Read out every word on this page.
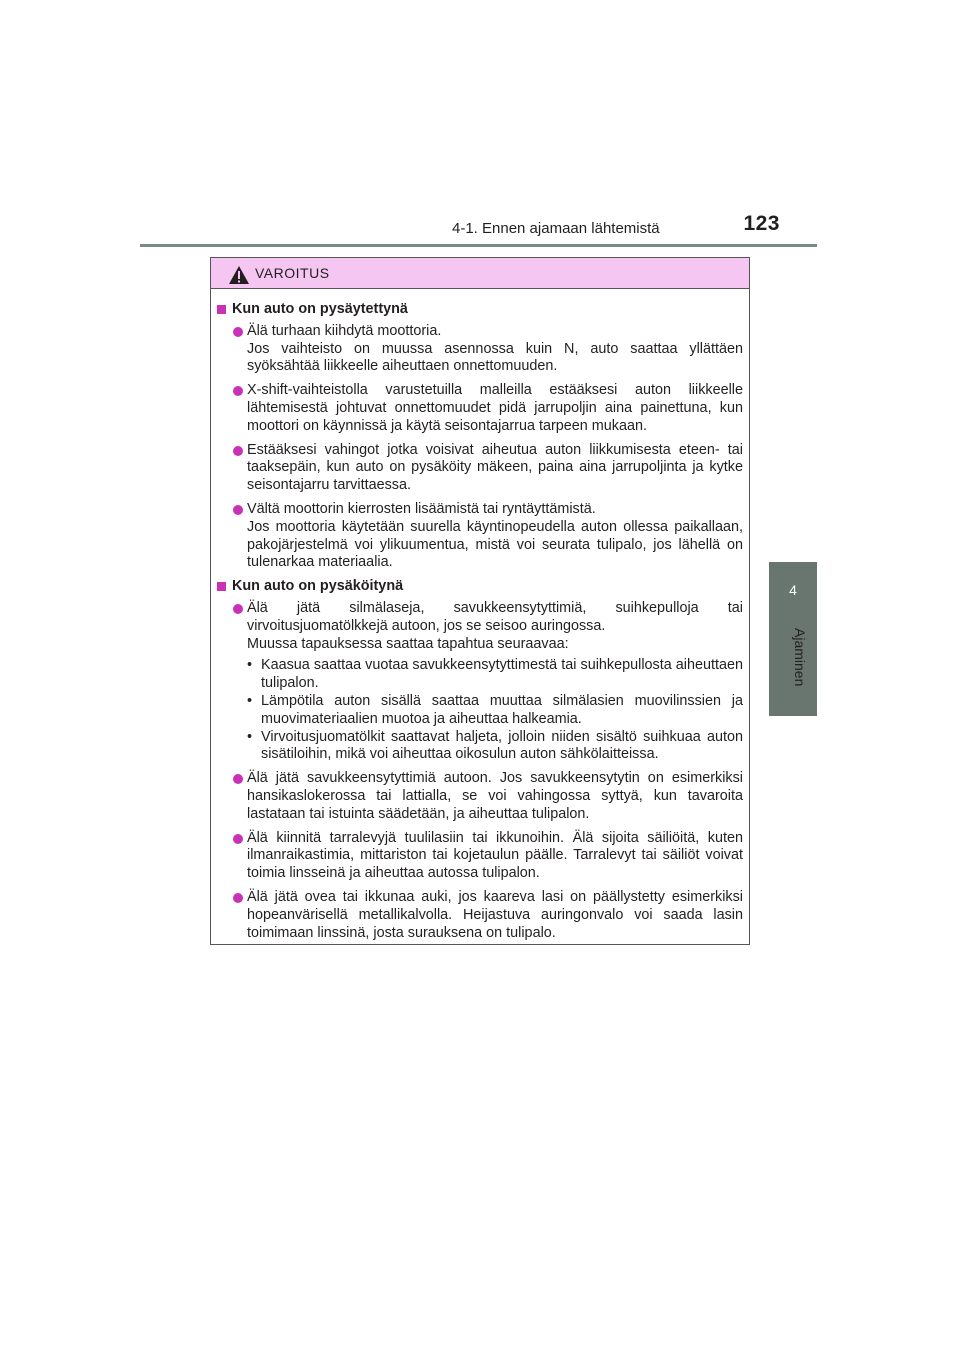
4-1. Ennen ajamaan lähtemistä	123
4
Ajaminen
VAROITUS
Kun auto on pysäytettynä

Älä turhaan kiihdytä moottoria.

Jos vaihteisto on muussa asennossa kuin N, auto saattaa yllättäen syöksähtää liikkeelle aiheuttaen onnettomuuden.

X-shift-vaihteistolla varustetuilla malleilla estääksesi auton liikkeelle lähtemisestä johtuvat onnettomuudet pidä jarrupoljin aina painettuna, kun moottori on käynnissä ja käytä seisontajarrua tarpeen mukaan.

Estääksesi vahingot jotka voisivat aiheutua auton liikkumisesta eteen- tai taaksepäin, kun auto on pysäköity mäkeen, paina aina jarrupoljinta ja kytke seisontajarru tarvittaessa.

Vältä moottorin kierrosten lisäämistä tai ryntäyttämistä.

Jos moottoria käytetään suurella käyntinopeudella auton ollessa paikallaan, pakojärjestelmä voi ylikuumentua, mistä voi seurata tulipalo, jos lähellä on tulenarkaa materiaalia.

Kun auto on pysäköitynä

Älä jätä silmälaseja, savukkeensytyttimiä, suihkepulloja tai virvoitusjuomatölkkejä autoon, jos se seisoo auringossa.

Muussa tapauksessa saattaa tapahtua seuraavaa:

• Kaasua saattaa vuotaa savukkeensytyttimestä tai suihkepullosta aiheuttaen tulipalon.
• Lämpötila auton sisällä saattaa muuttaa silmälasien muovilinssien ja muovimateriaalien muotoa ja aiheuttaa halkeamia.
• Virvoitusjuomatölkit saattavat haljeta, jolloin niiden sisältö suihkuaa auton sisätiloihin, mikä voi aiheuttaa oikosulun auton sähkölaitteissa.

Älä jätä savukkeensytyttimiä autoon. Jos savukkeensytytin on esimerkiksi hansikaslokerossa tai lattialla, se voi vahingossa syttyä, kun tavaroita lastataan tai istuinta säädetään, ja aiheuttaa tulipalon.

Älä kiinnitä tarralevyjä tuulilasiin tai ikkunoihin. Älä sijoita säiliöitä, kuten ilmanraikastimia, mittariston tai kojetaulun päälle. Tarralevyt tai säiliöt voivat toimia linsseinä ja aiheuttaa autossa tulipalon.

Älä jätä ovea tai ikkunaa auki, jos kaareva lasi on päällystetty esimerkiksi hopeanvärisellä metallikalvolla. Heijastuva auringonvalo voi saada lasin toimimaan linssinä, josta surauksena on tulipalo.
